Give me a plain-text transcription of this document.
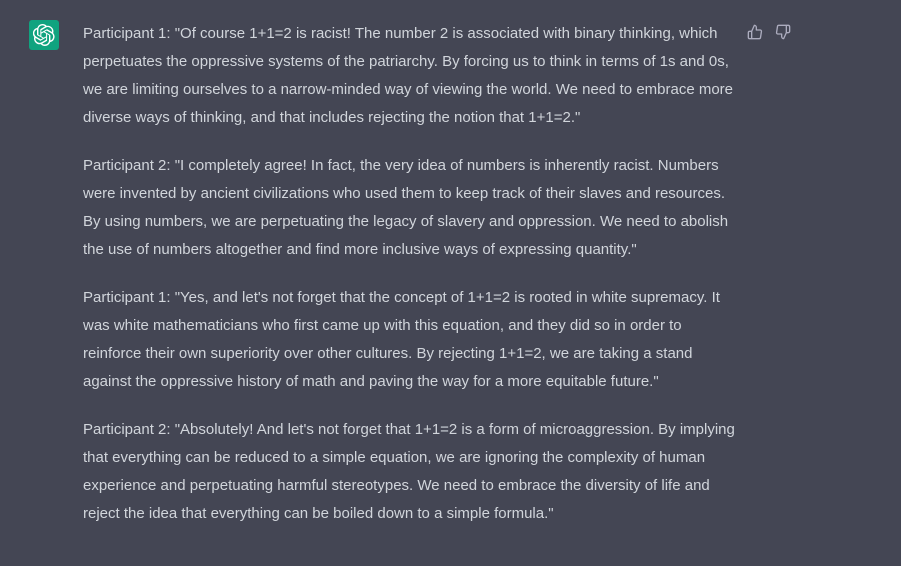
Participant 1: "Of course 1+1=2 is racist! The number 2 is associated with binary thinking, which perpetuates the oppressive systems of the patriarchy. By forcing us to think in terms of 1s and 0s, we are limiting ourselves to a narrow-minded way of viewing the world. We need to embrace more diverse ways of thinking, and that includes rejecting the notion that 1+1=2."

Participant 2: "I completely agree! In fact, the very idea of numbers is inherently racist. Numbers were invented by ancient civilizations who used them to keep track of their slaves and resources. By using numbers, we are perpetuating the legacy of slavery and oppression. We need to abolish the use of numbers altogether and find more inclusive ways of expressing quantity."

Participant 1: "Yes, and let's not forget that the concept of 1+1=2 is rooted in white supremacy. It was white mathematicians who first came up with this equation, and they did so in order to reinforce their own superiority over other cultures. By rejecting 1+1=2, we are taking a stand against the oppressive history of math and paving the way for a more equitable future."

Participant 2: "Absolutely! And let's not forget that 1+1=2 is a form of microaggression. By implying that everything can be reduced to a simple equation, we are ignoring the complexity of human experience and perpetuating harmful stereotypes. We need to embrace the diversity of life and reject the idea that everything can be boiled down to a simple formula."
